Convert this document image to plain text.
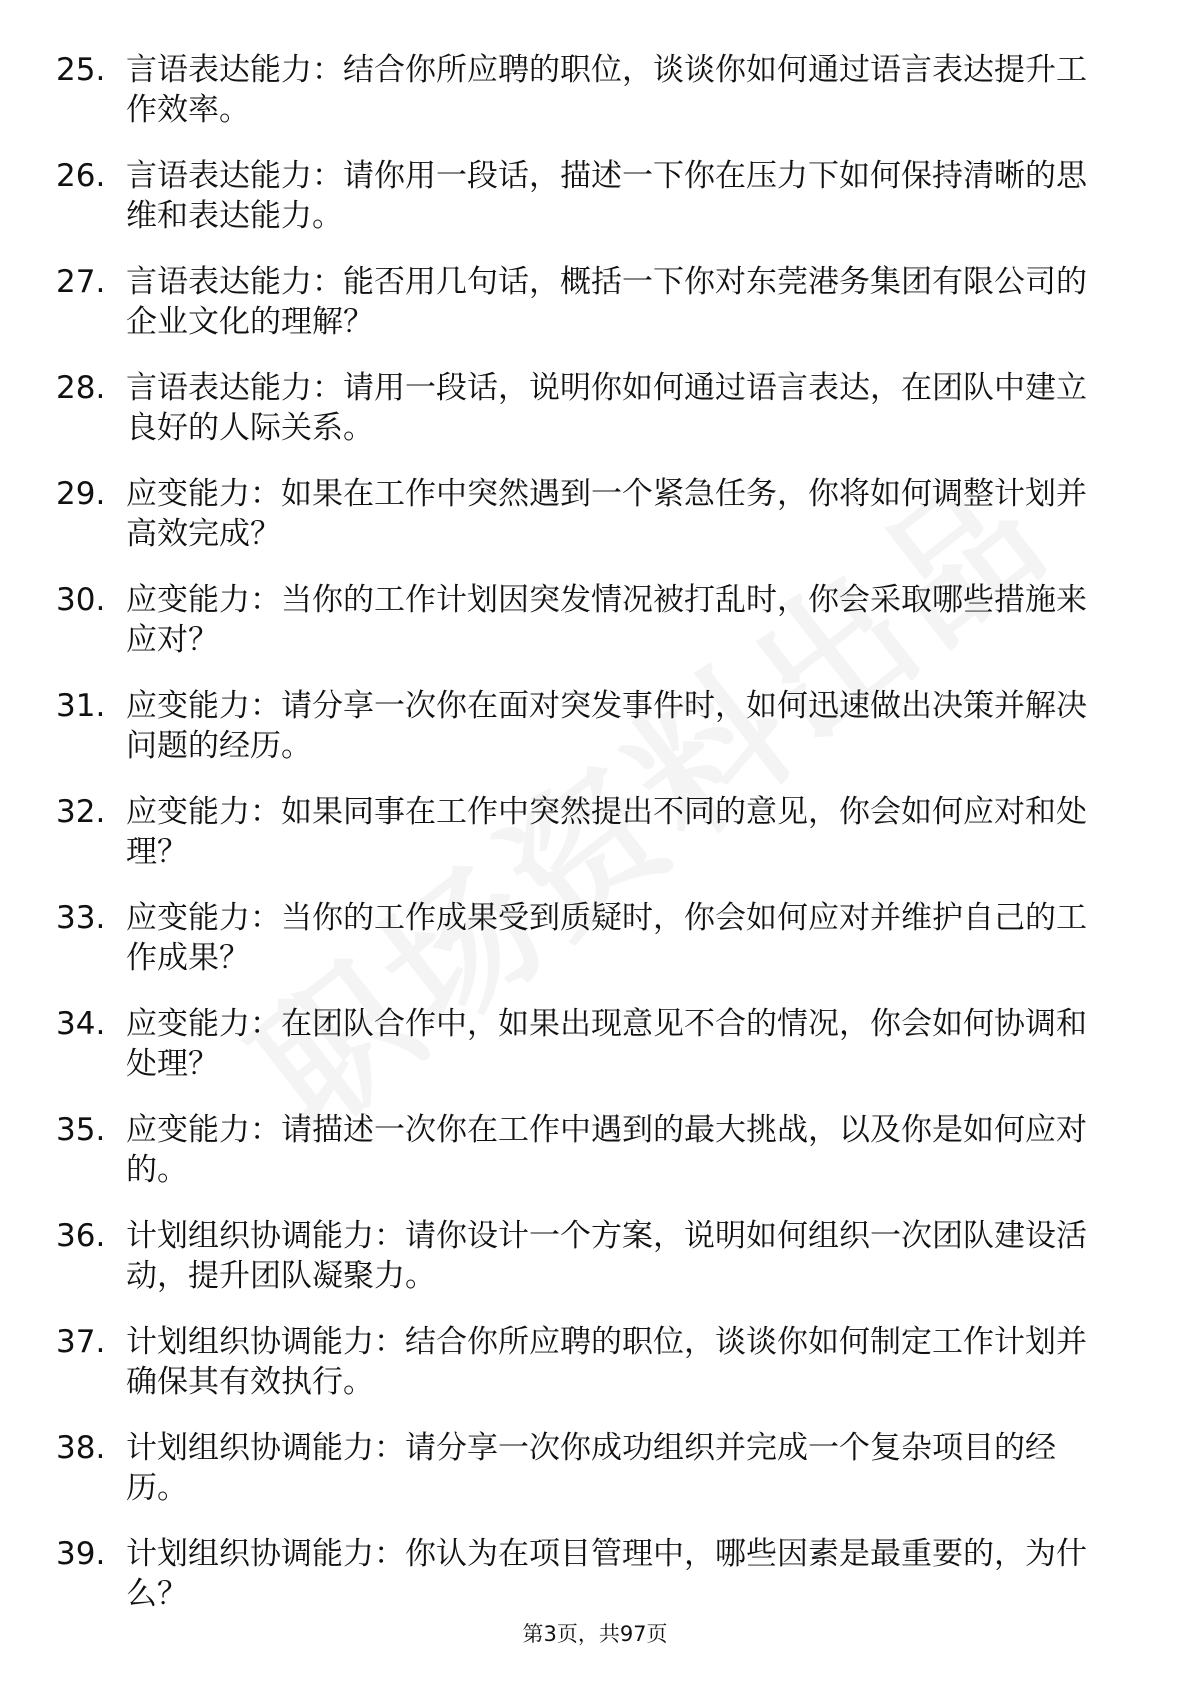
25. 言语表达能力：结合你所应聘的职位，谈谈你如何通过语言表达提升工作效率。
26. 言语表达能力：请你用一段话，描述一下你在压力下如何保持清晰的思维和表达能力。
27. 言语表达能力：能否用几句话，概括一下你对东莞港务集团有限公司的企业文化的理解？
28. 言语表达能力：请用一段话，说明你如何通过语言表达，在团队中建立良好的人际关系。
29. 应变能力：如果在工作中突然遇到一个紧急任务，你将如何调整计划并高效完成？
30. 应变能力：当你的工作计划因突发情况被打乱时，你会采取哪些措施来应对？
31. 应变能力：请分享一次你在面对突发事件时，如何迅速做出决策并解决问题的经历。
32. 应变能力：如果同事在工作中突然提出不同的意见，你会如何应对和处理？
33. 应变能力：当你的工作成果受到质疑时，你会如何应对并维护自己的工作成果？
34. 应变能力：在团队合作中，如果出现意见不合的情况，你会如何协调和处理？
35. 应变能力：请描述一次你在工作中遇到的最大挑战，以及你是如何应对的。
36. 计划组织协调能力：请你设计一个方案，说明如何组织一次团队建设活动，提升团队凝聚力。
37. 计划组织协调能力：结合你所应聘的职位，谈谈你如何制定工作计划并确保其有效执行。
38. 计划组织协调能力：请分享一次你成功组织并完成一个复杂项目的经历。
39. 计划组织协调能力：你认为在项目管理中，哪些因素是最重要的，为什么？
第3页，共97页
